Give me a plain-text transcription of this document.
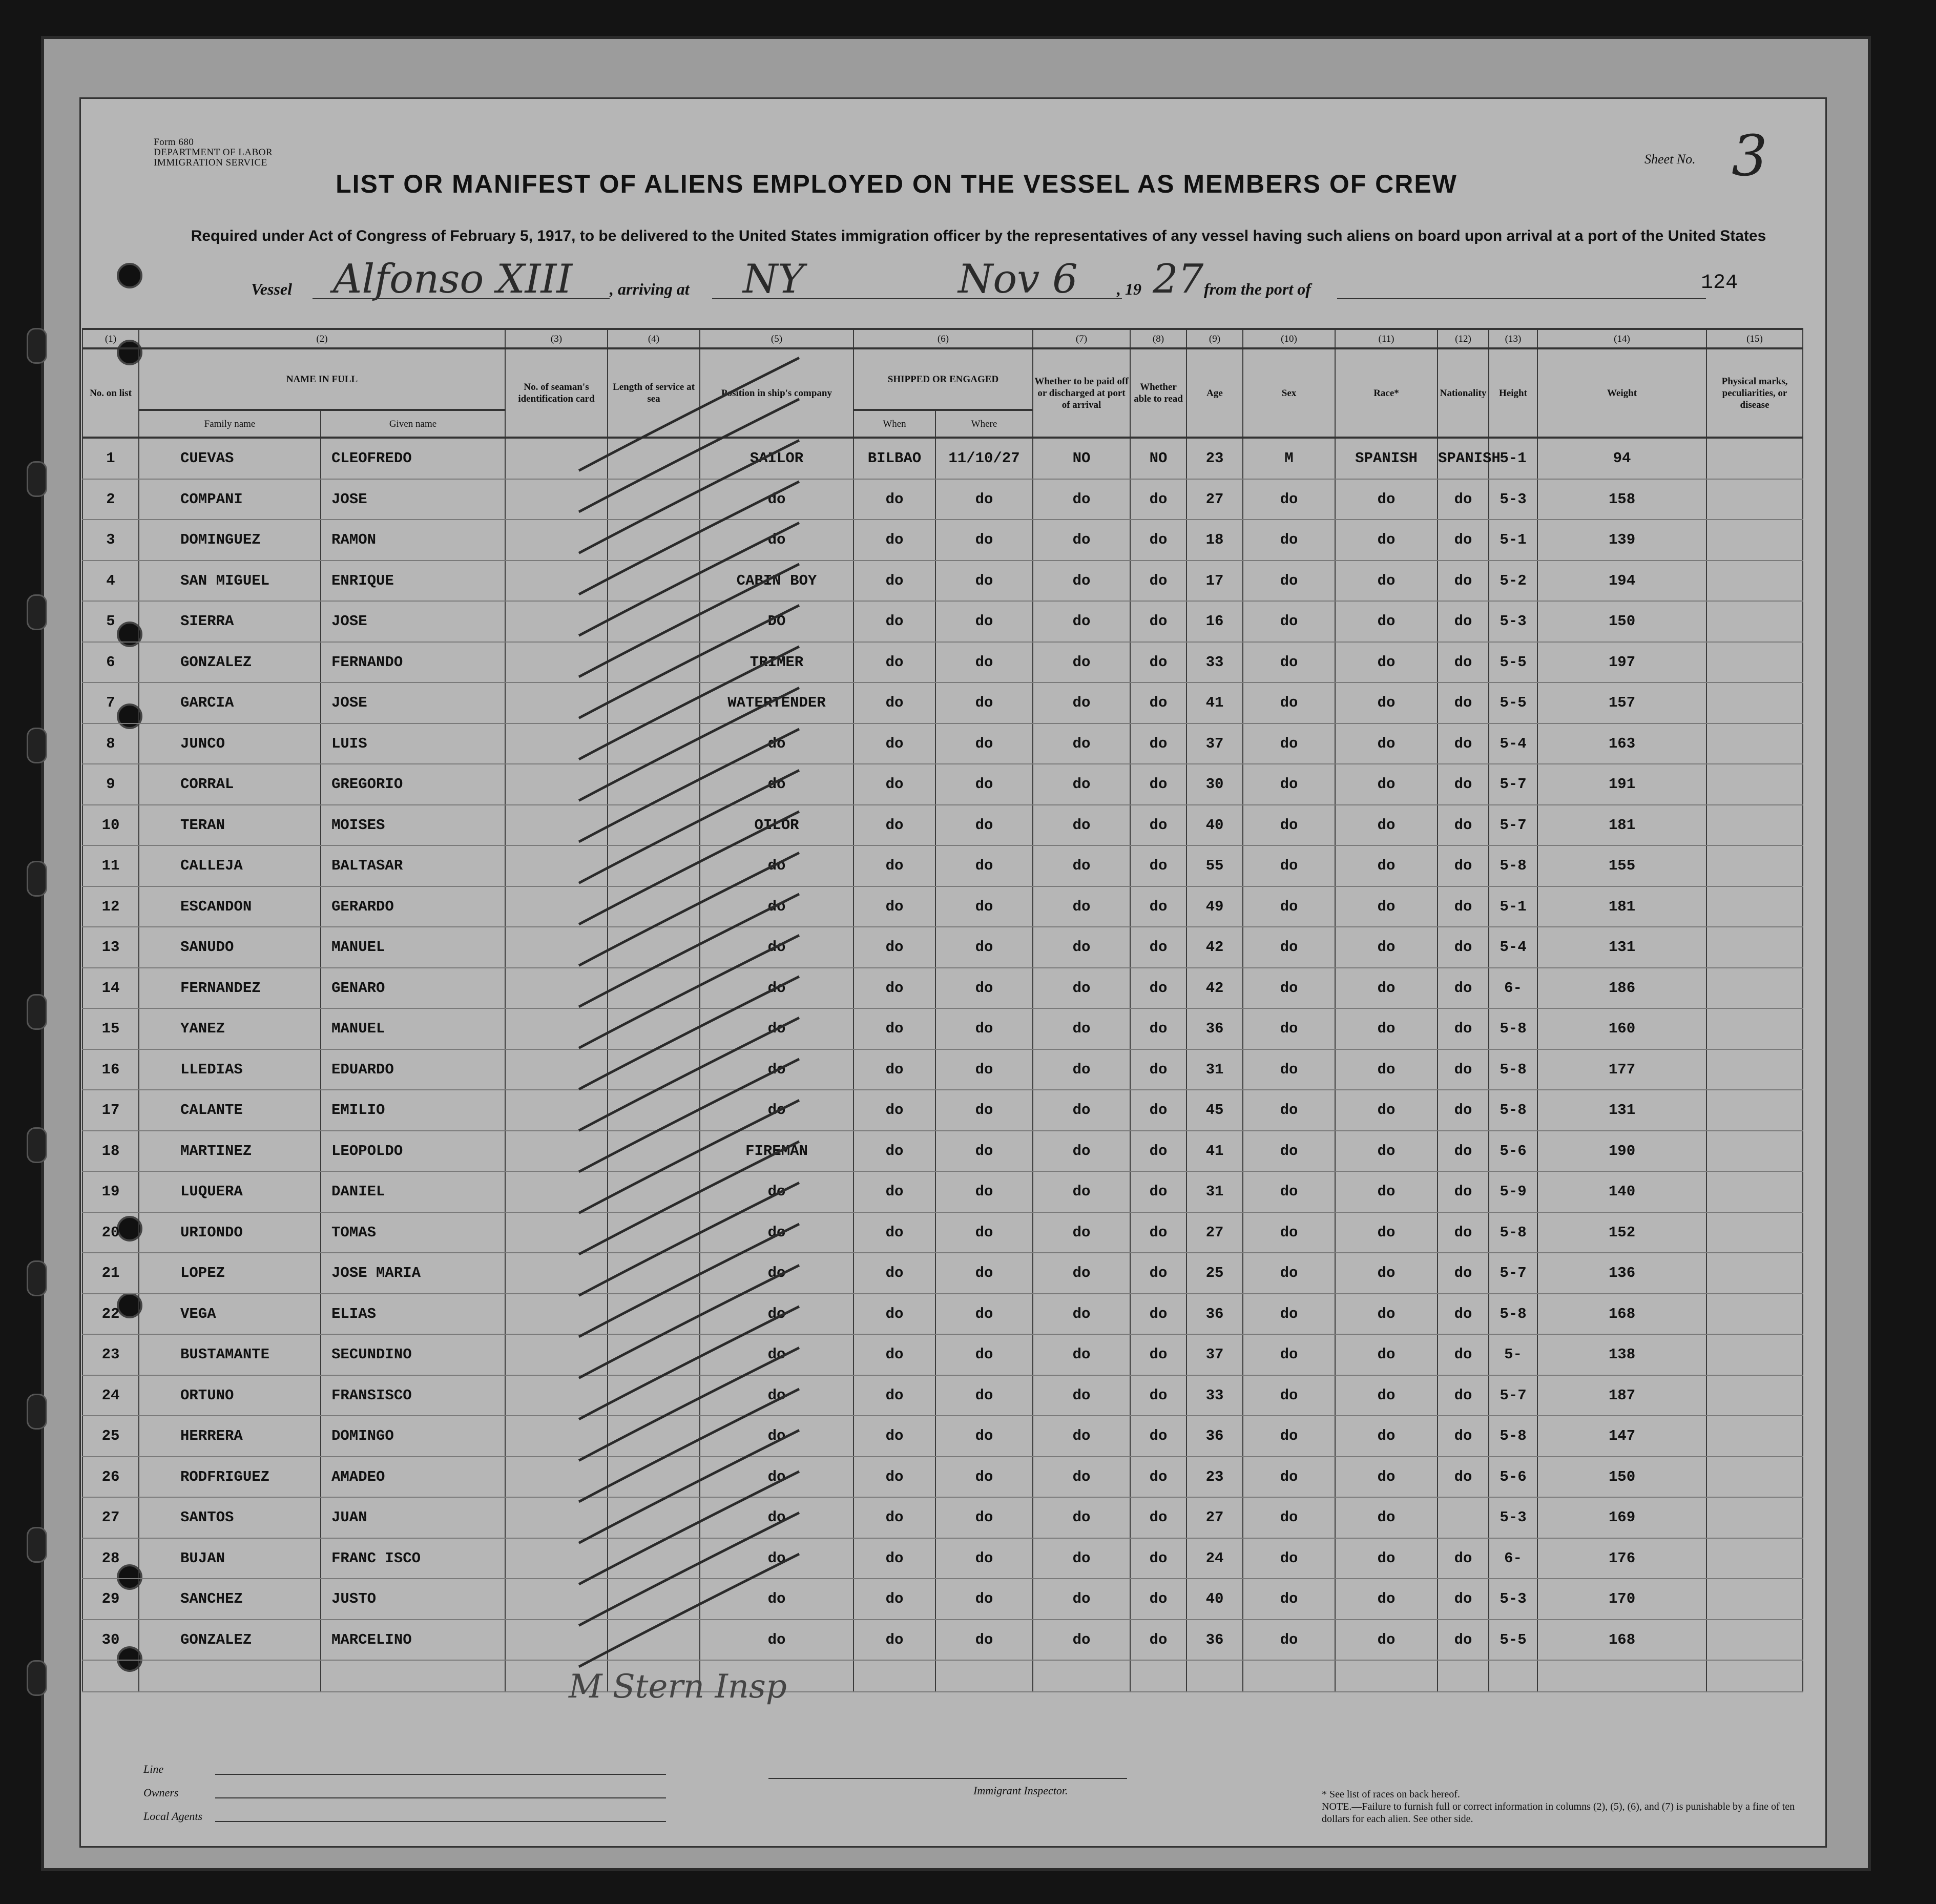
Form 680
DEPARTMENT OF LABOR
IMMIGRATION SERVICE	Sheet No. 3
LIST OR MANIFEST OF ALIENS EMPLOYED ON THE VESSEL AS MEMBERS OF CREW
Required under Act of Congress of February 5, 1917, to be delivered to the United States immigration officer by the representatives of any vessel having such aliens on board upon arrival at a port of the United States
Vessel Alfonso XIII , arriving at NY	Nov 6 , 19 27 from the port of	124
(1)	(2)		(3)	(4)	(5)	(6)		(7)	(8)	(9)	(10)	(11)	(12)	(13)	(14)	(15)
No. on list	NAME IN FULL		No. of seaman's identification card	Length of service at sea	Position in ship's company	SHIPPED OR ENGAGED		Whether to be paid off or discharged at port of arrival	Whether able to read	Age	Sex	Race*	Nationality	Height	Weight	Physical marks, peculiarities, or disease
	Family name	Given name				When	Where									
1	CUEVAS	CLEOFREDO			SAILOR	BILBAO	11/10/27	NO	NO	23	M	SPANISH	SPANISH	5-1	94	
2	COMPANI	JOSE			do	do	do	do	do	27	do	do	do	5-3	158	
3	DOMINGUEZ	RAMON			do	do	do	do	do	18	do	do	do	5-1	139	
4	SAN MIGUEL	ENRIQUE			CABIN BOY	do	do	do	do	17	do	do	do	5-2	194	
5	SIERRA	JOSE			DO	do	do	do	do	16	do	do	do	5-3	150	
6	GONZALEZ	FERNANDO			TRIMER	do	do	do	do	33	do	do	do	5-5	197	
7	GARCIA	JOSE			WATERTENDER	do	do	do	do	41	do	do	do	5-5	157	
8	JUNCO	LUIS			do	do	do	do	do	37	do	do	do	5-4	163	
9	CORRAL	GREGORIO			do	do	do	do	do	30	do	do	do	5-7	191	
10	TERAN	MOISES			OILOR	do	do	do	do	40	do	do	do	5-7	181	
11	CALLEJA	BALTASAR			do	do	do	do	do	55	do	do	do	5-8	155	
12	ESCANDON	GERARDO			do	do	do	do	do	49	do	do	do	5-1	181	
13	SANUDO	MANUEL			do	do	do	do	do	42	do	do	do	5-4	131	
14	FERNANDEZ	GENARO			do	do	do	do	do	42	do	do	do	6-	186	
15	YANEZ	MANUEL			do	do	do	do	do	36	do	do	do	5-8	160	
16	LLEDIAS	EDUARDO			do	do	do	do	do	31	do	do	do	5-8	177	
17	CALANTE	EMILIO			do	do	do	do	do	45	do	do	do	5-8	131	
18	MARTINEZ	LEOPOLDO			FIREMAN	do	do	do	do	41	do	do	do	5-6	190	
19	LUQUERA	DANIEL			do	do	do	do	do	31	do	do	do	5-9	140	
20	URIONDO	TOMAS			do	do	do	do	do	27	do	do	do	5-8	152	
21	LOPEZ	JOSE MARIA			do	do	do	do	do	25	do	do	do	5-7	136	
22	VEGA	ELIAS			do	do	do	do	do	36	do	do	do	5-8	168	
23	BUSTAMANTE	SECUNDINO			do	do	do	do	do	37	do	do	do	5-	138	
24	ORTUNO	FRANSISCO			do	do	do	do	do	33	do	do	do	5-7	187	
25	HERRERA	DOMINGO			do	do	do	do	do	36	do	do	do	5-8	147	
26	RODFRIGUEZ	AMADEO			do	do	do	do	do	23	do	do	do	5-6	150	
27	SANTOS	JUAN			do	do	do	do	do	27	do	do		5-3	169	
28	BUJAN	FRANC ISCO			do	do	do	do	do	24	do	do	do	6-	176	
29	SANCHEZ	JUSTO			do	do	do	do	do	40	do	do	do	5-3	170	
30	GONZALEZ	MARCELINO			do	do	do	do	do	36	do	do	do	5-5	168	

M Stern Insp
Line
Owners
Local Agents
Immigrant Inspector.	* See list of races on back hereof.
NOTE.—Failure to furnish full or correct information in columns (2), (5), (6), and (7) is punishable by a fine of ten dollars for each alien. See other side.
